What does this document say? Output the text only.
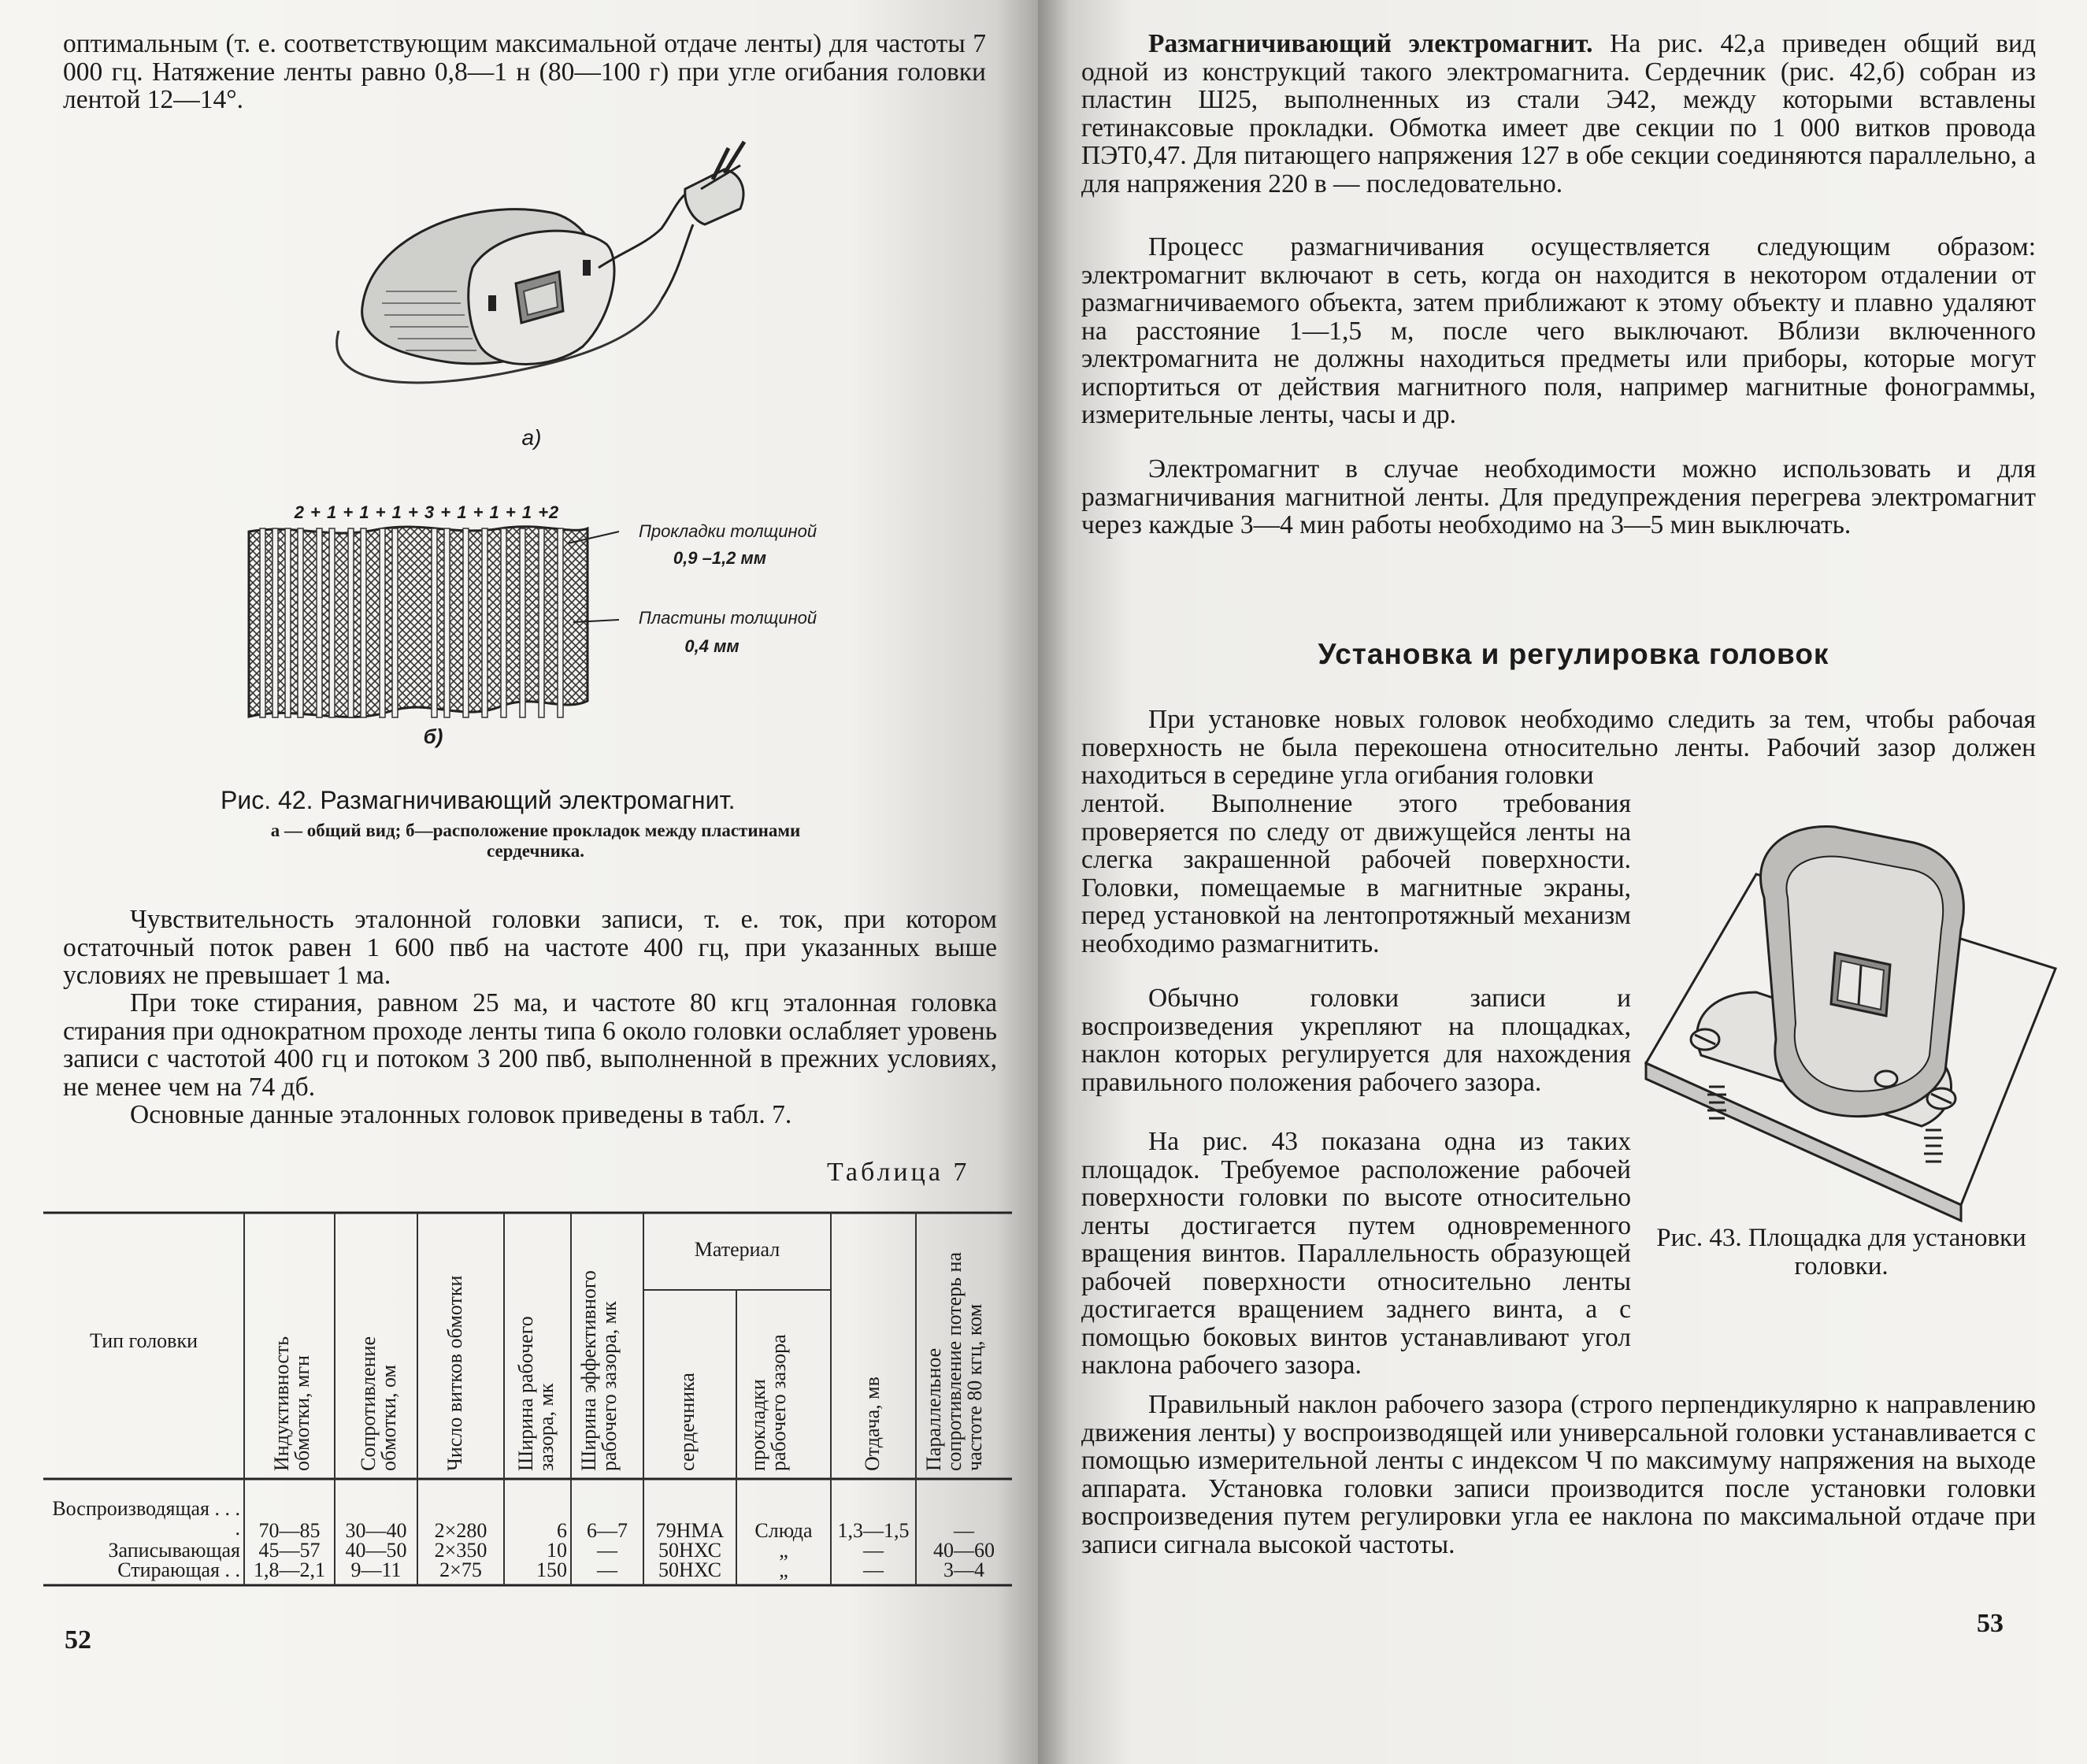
оптимальным (т. е. соответствующим максимальной отдаче ленты) для частоты 7 000 гц. Натяжение ленты равно 0,8—1 н (80—100 г) при угле огибания головки лентой 12—14°.

а)
2 + 1 + 1 + 1 + 3 + 1 + 1 + 1 +2
Прокладки толщиной
0,9 –1,2 мм
Пластины толщиной
0,4 мм
б)

Рис. 42. Размагничивающий электромагнит.

а — общий вид; б—расположение прокладок между пластинами сердечника.

Чувствительность эталонной головки записи, т. е. ток, при котором остаточный поток равен 1 600 пвб на частоте 400 гц, при указанных выше условиях не превышает 1 ма.

При токе стирания, равном 25 ма, и частоте 80 кгц эталонная головка стирания при однократном проходе ленты типа 6 около головки ослабляет уровень записи с частотой 400 гц и потоком 3 200 пвб, выполненной в прежних условиях, не менее чем на 74 дб.

Основные данные эталонных головок приведены в табл. 7.

Таблица 7
Тип головки	Индуктивность обмотки, мгн Сопротивление обмотки, ом Число витков обмотки Ширина рабочего зазора, мк Ширина эффективного рабочего зазора, мк
Материал
сердечника прокладки рабочего зазора	Отдача, мв Параллельное сопротивление потерь на частоте 80 кгц, ком
Воспроизводящая . . . .
Записывающая
Стирающая . .
70—85
45—57
1,8—2,1
30—40
40—50
9—11
2×280
2×350
2×75
6
10
150
6—7
—
—
79НМА
50НХС
50НХС
Слюда
„
„
1,3—1,5
—
—
—
40—60
3—4
52

Размагничивающий электромагнит. На рис. 42,а приведен общий вид одной из конструкций такого электромагнита. Сердечник (рис. 42,б) собран из пластин Ш25, выполненных из стали Э42, между которыми вставлены гетинаксовые прокладки. Обмотка имеет две секции по 1 000 витков провода ПЭТ0,47. Для питающего напряжения 127 в обе секции соединяются параллельно, а для напряжения 220 в — последовательно.

Процесс размагничивания осуществляется следующим образом: электромагнит включают в сеть, когда он находится в некотором отдалении от размагничиваемого объекта, затем приближают к этому объекту и плавно удаляют на расстояние 1—1,5 м, после чего выключают. Вблизи включенного электромагнита не должны находиться предметы или приборы, которые могут испортиться от действия магнитного поля, например магнитные фонограммы, измерительные ленты, часы и др.

Электромагнит в случае необходимости можно использовать и для размагничивания магнитной ленты. Для предупреждения перегрева электромагнит через каждые 3—4 мин работы необходимо на 3—5 мин выключать.

Установка и регулировка головок

При установке новых головок необходимо следить за тем, чтобы рабочая поверхность не была перекошена относительно ленты. Рабочий зазор должен находиться в середине угла огибания головки

лентой. Выполнение этого требования проверяется по следу от движущейся ленты на слегка закрашенной рабочей поверхности. Головки, помещаемые в магнитные экраны, перед установкой на лентопротяжный механизм необходимо размагнитить.

Обычно головки записи и воспроизведения укрепляют на площадках, наклон которых регулируется для нахождения правильного положения рабочего зазора.

На рис. 43 показана одна из таких площадок. Требуемое расположение рабочей поверхности головки по высоте относительно ленты достигается путем одновременного вращения винтов. Параллельность образующей рабочей поверхности относительно ленты достигается вращением заднего винта, а с помощью боковых винтов устанавливают угол наклона рабочего зазора.

Рис. 43. Площадка для установки головки.

Правильный наклон рабочего зазора (строго перпендикулярно к направлению движения ленты) у воспроизводящей или универсальной головки устанавливается с помощью измерительной ленты с индексом Ч по максимуму напряжения на выходе аппарата. Установка головки записи производится после установки головки воспроизведения путем регулировки угла ее наклона по максимальной отдаче при записи сигнала высокой частоты.

53
